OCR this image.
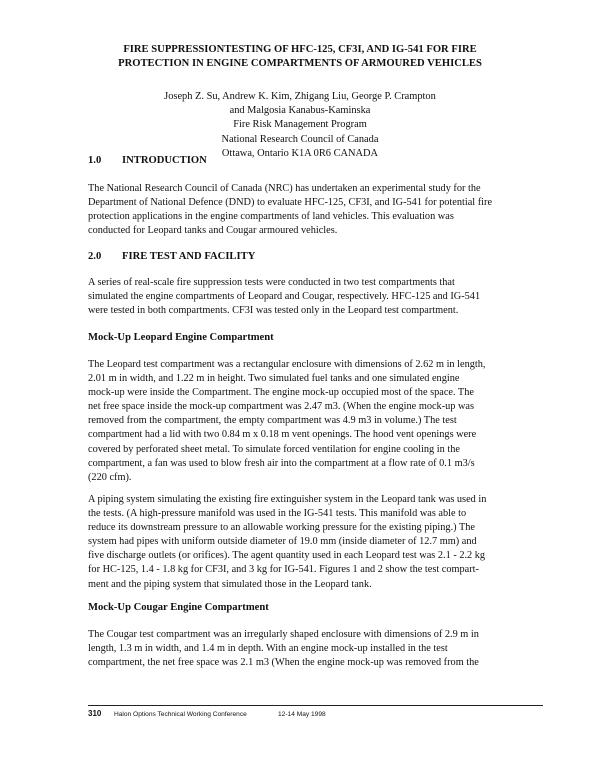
FIRE SUPPRESSIONTESTING OF HFC-125, CF3I, AND IG-541 FOR FIRE
PROTECTION IN ENGINE COMPARTMENTS OF ARMOURED VEHICLES
Joseph Z. Su, Andrew K. Kim, Zhigang Liu, George P. Crampton
and Malgosia Kanabus-Kaminska
Fire Risk Management Program
National Research Council of Canada
Ottawa, Ontario K1A 0R6 CANADA
1.0 INTRODUCTION
The National Research Council of Canada (NRC) has undertaken an experimental study for the
Department of National Defence (DND) to evaluate HFC-125, CF3I, and IG-541 for potential fire
protection applications in the engine compartments of land vehicles. This evaluation was
conducted for Leopard tanks and Cougar armoured vehicles.
2.0 FIRE TEST AND FACILITY
A series of real-scale fire suppression tests were conducted in two test compartments that
simulated the engine compartments of Leopard and Cougar, respectively. HFC-125 and IG-541
were tested in both compartments. CF3I was tested only in the Leopard test compartment.
Mock-Up Leopard Engine Compartment
The Leopard test compartment was a rectangular enclosure with dimensions of 2.62 m in length,
2.01 m in width, and 1.22 m in height. Two simulated fuel tanks and one simulated engine
mock-up were inside the Compartment. The engine mock-up occupied most of the space. The
net free space inside the mock-up compartment was 2.47 m3. (When the engine mock-up was
removed from the compartment, the empty compartment was 4.9 m3 in volume.) The test
compartment had a lid with two 0.84 m x 0.18 m vent openings. The hood vent openings were
covered by perforated sheet metal. To simulate forced ventilation for engine cooling in the
compartment, a fan was used to blow fresh air into the compartment at a flow rate of 0.1 m3/s
(220 cfm).
A piping system simulating the existing fire extinguisher system in the Leopard tank was used in
the tests. (A high-pressure manifold was used in the IG-541 tests. This manifold was able to
reduce its downstream pressure to an allowable working pressure for the existing piping.) The
system had pipes with uniform outside diameter of 19.0 mm (inside diameter of 12.7 mm) and
five discharge outlets (or orifices). The agent quantity used in each Leopard test was 2.1 - 2.2 kg
for HC-125, 1.4 - 1.8 kg for CF3I, and 3 kg for IG-541. Figures 1 and 2 show the test compart-
ment and the piping system that simulated those in the Leopard tank.
Mock-Up Cougar Engine Compartment
The Cougar test compartment was an irregularly shaped enclosure with dimensions of 2.9 m in
length, 1.3 m in width, and 1.4 m in depth. With an engine mock-up installed in the test
compartment, the net free space was 2.1 m3 (When the engine mock-up was removed from the
310 Halon Options Technical Working Conference	12-14 May 1998
